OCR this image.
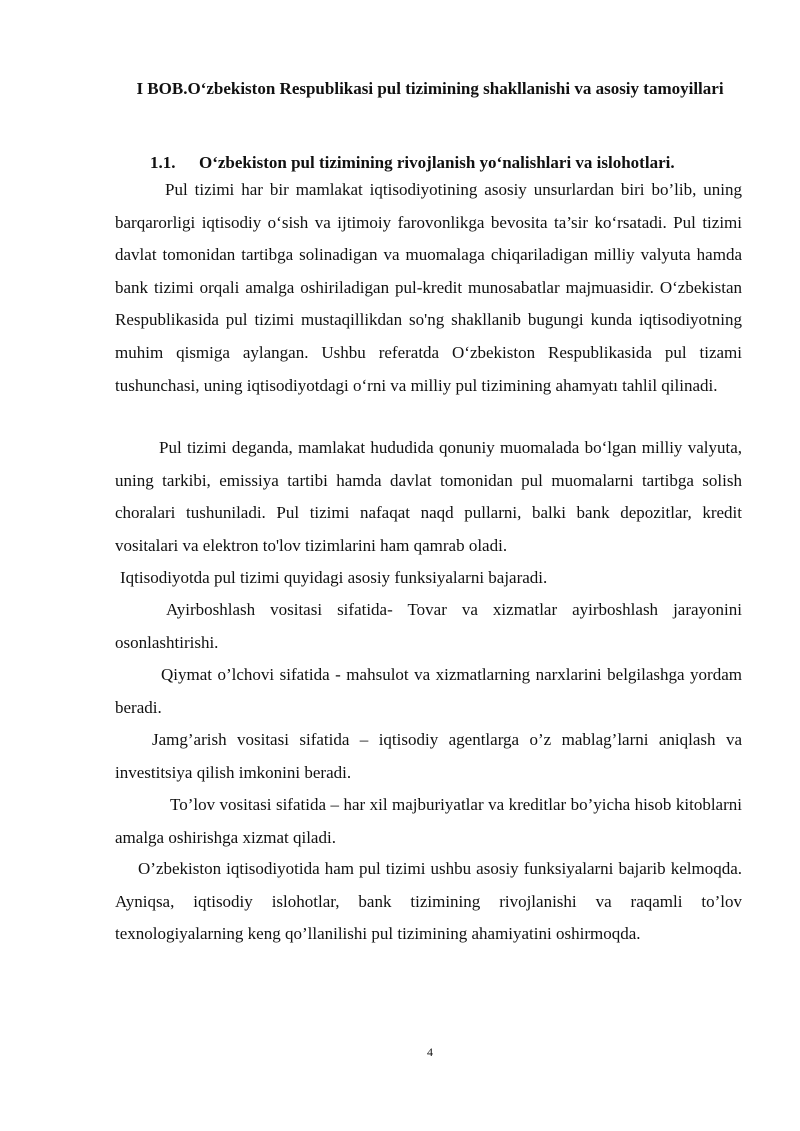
I BOB.O‘zbekiston Respublikasi pul tizimining shakllanishi va asosiy tamoyillari
1.1. O‘zbekiston pul tizimining rivojlanish yo‘nalishlari va islohotlari.

Pul tizimi har bir mamlakat iqtisodiyotining asosiy unsurlardan biri bo’lib, uning barqarorligi iqtisodiy o‘sish va ijtimoiy farovonlikga bevosita ta’sir ko‘rsatadi. Pul tizimi davlat tomonidan tartibga solinadigan va muomalaga chiqariladigan milliy valyuta hamda bank tizimi orqali amalga oshiriladigan pul-kredit munosabatlar majmuasidir. O‘zbekistan Respublikasida pul tizimi mustaqillikdan so'ng shakllanib bugungi kunda iqtisodiyotning muhim qismiga aylangan. Ushbu referatda O‘zbekiston Respublikasida pul tizami tushunchasi, uning iqtisodiyotdagi o‘rni va milliy pul tizimining ahamyatı tahlil qilinadi.

Pul tizimi deganda, mamlakat hududida qonuniy muomalada bo‘lgan milliy valyuta, uning tarkibi, emissiya tartibi hamda davlat tomonidan pul muomalarni tartibga solish choralari tushuniladi. Pul tizimi nafaqat naqd pullarni, balki bank depozitlar, kredit vositalari va elektron to'lov tizimlarini ham qamrab oladi.

Iqtisodiyotda pul tizimi quyidagi asosiy funksiyalarni bajaradi.

Ayirboshlash vositasi sifatida- Tovar va xizmatlar ayirboshlash jarayonini osonlashtirishi.

Qiymat o’lchovi sifatida - mahsulot va xizmatlarning narxlarini belgilashga yordam beradi.

Jamg’arish vositasi sifatida – iqtisodiy agentlarga o’z mablag’larni aniqlash va investitsiya qilish imkonini beradi.

To’lov vositasi sifatida – har xil majburiyatlar va kreditlar bo’yicha hisob kitoblarni amalga oshirishga xizmat qiladi.

O’zbekiston iqtisodiyotida ham pul tizimi ushbu asosiy funksiyalarni bajarib kelmoqda. Ayniqsa, iqtisodiy islohotlar, bank tizimining rivojlanishi va raqamli to’lov texnologiyalarning keng qo’llanilishi pul tizimining ahamiyatini oshirmoqda.

4
